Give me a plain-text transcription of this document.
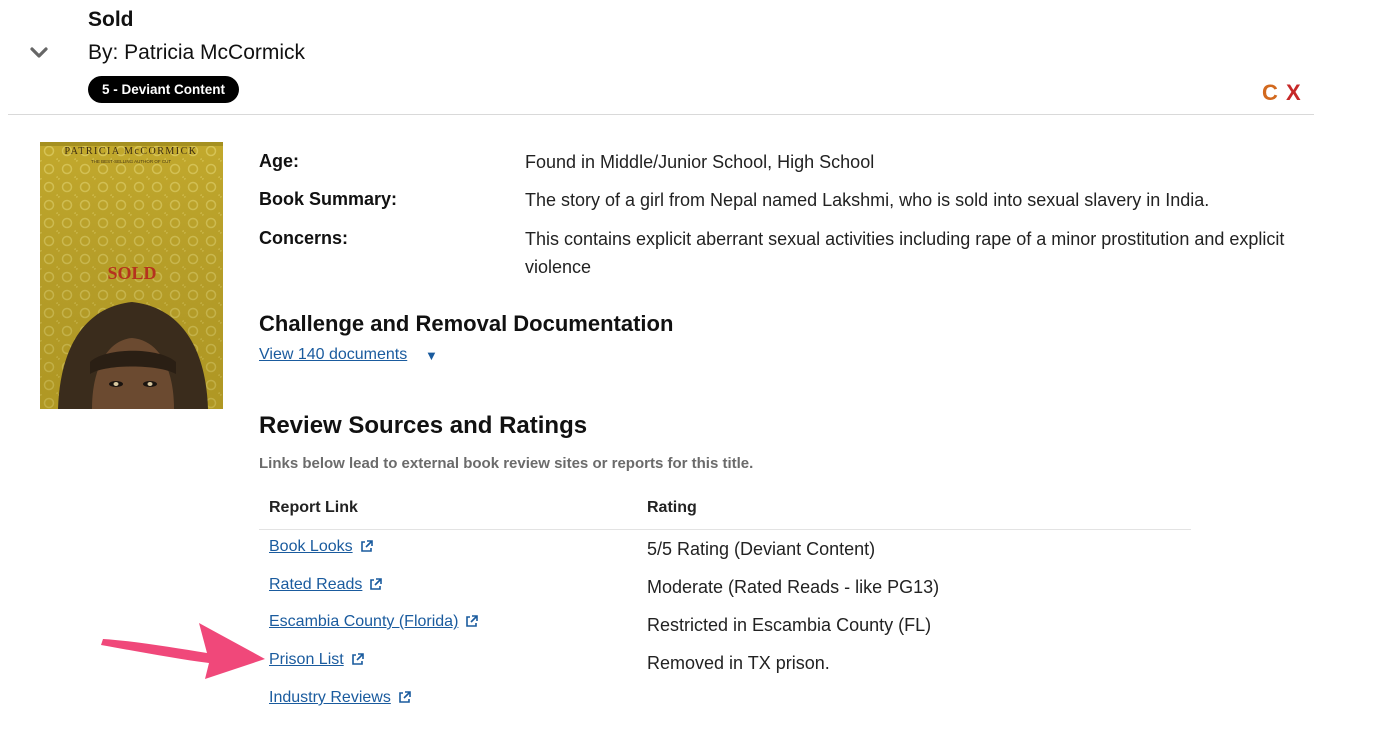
Sold
By: Patricia McCormick
5 - Deviant Content	C X
PATRICIA McCORMICK
THE BEST-SELLING AUTHOR OF CUT
SOLD
Age:	Found in Middle/Junior School, High School
Book Summary:	The story of a girl from Nepal named Lakshmi, who is sold into sexual slavery in India.
Concerns:	This contains explicit aberrant sexual activities including rape of a minor prostitution and explicit violence
Challenge and Removal Documentation
View 140 documents ▼
Review Sources and Ratings
Links below lead to external book review sites or reports for this title.
Report Link	Rating
Book Looks	5/5 Rating (Deviant Content)
Rated Reads	Moderate (Rated Reads - like PG13)
Escambia County (Florida)	Restricted in Escambia County (FL)
Prison List	Removed in TX prison.
Industry Reviews
